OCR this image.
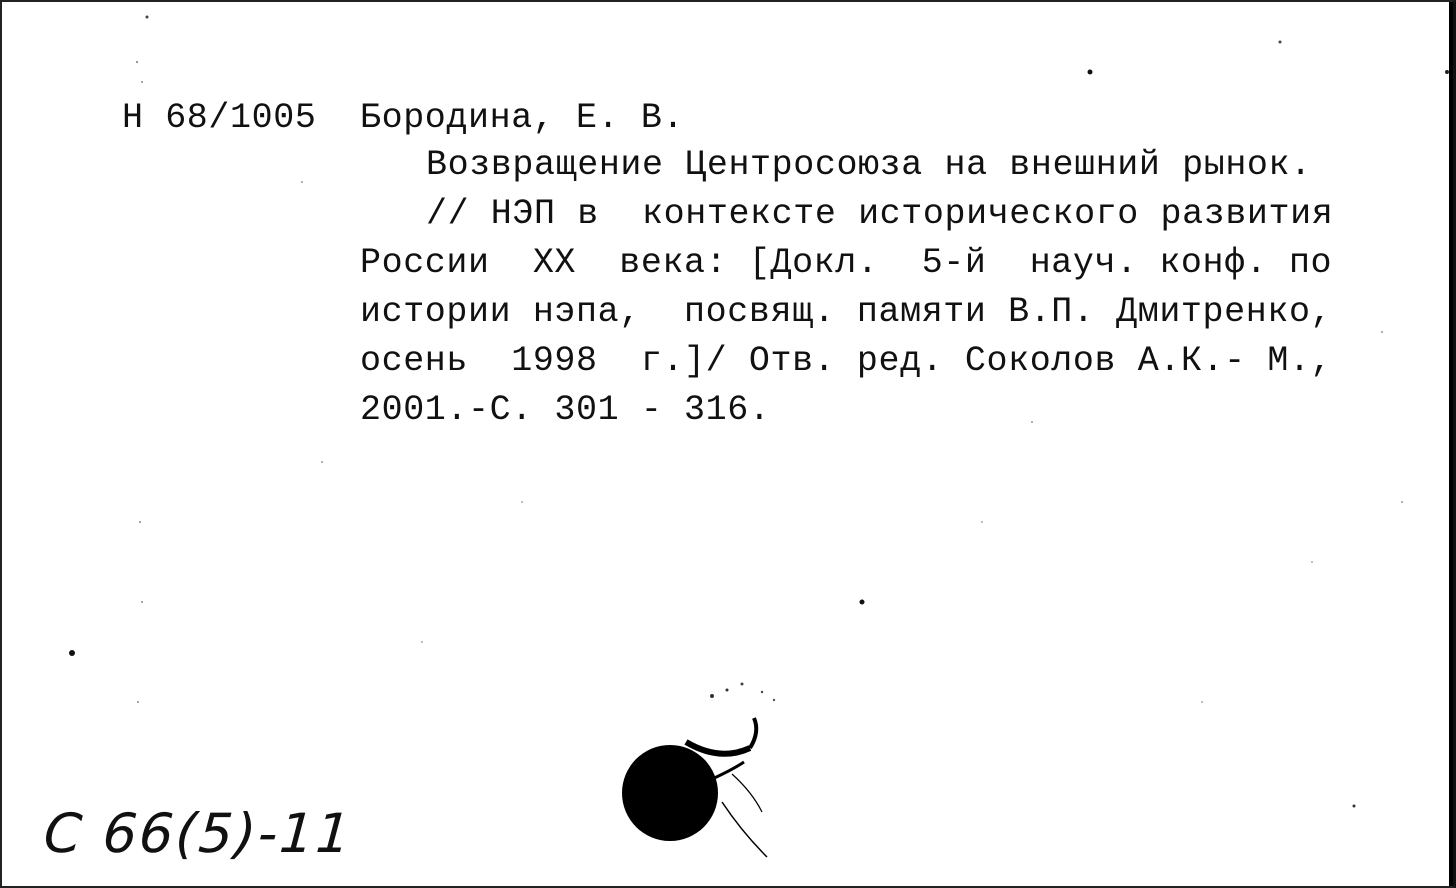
Н 68/1005 Бородина, Е. В.
Возвращение Центросоюза на внешний рынок.
// НЭП в  контексте исторического развития
России  XX  века: [Докл.  5-й  науч. конф. по
истории нэпа,  посвящ. памяти В.П. Дмитренко,
осень  1998  г.]/ Отв. ред. Соколов А.К.- М.,
2001.-С. 301 - 316.
С 66(5)-11
